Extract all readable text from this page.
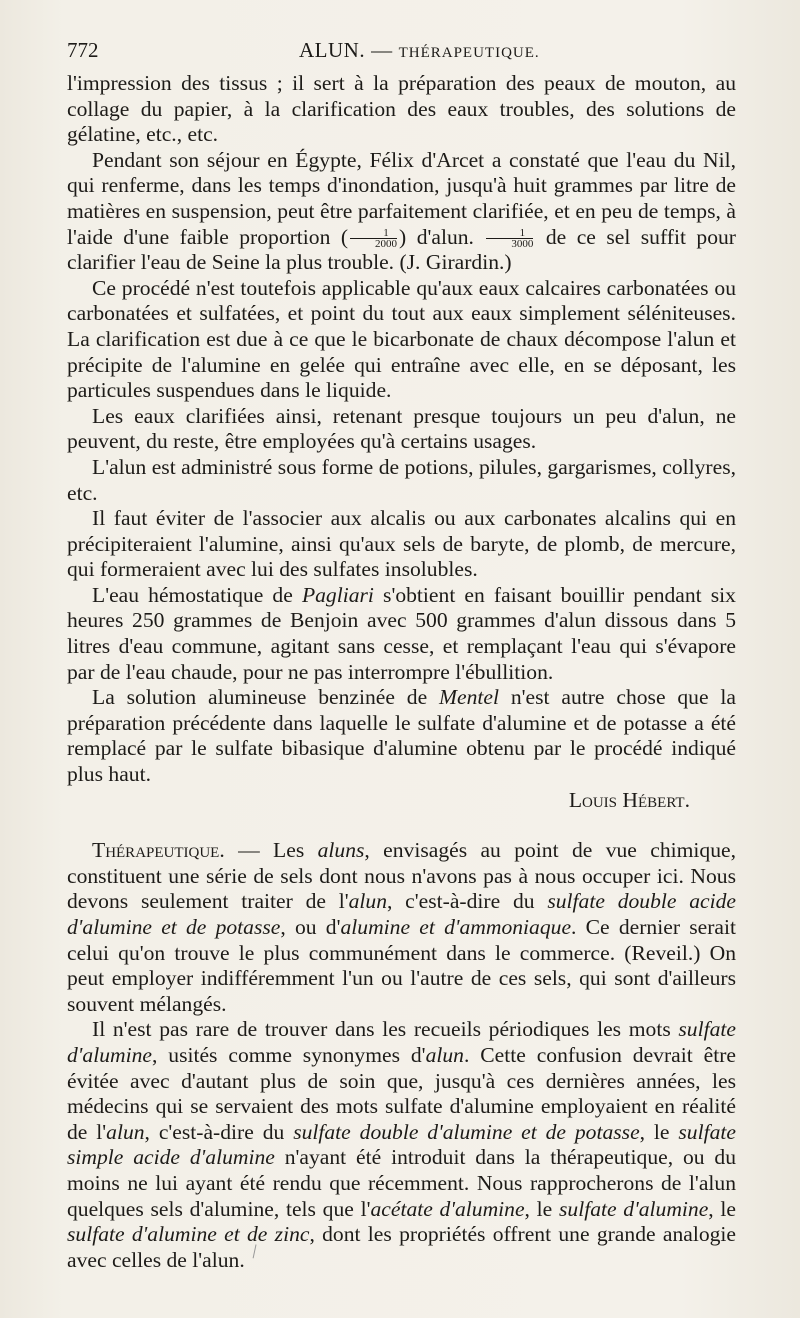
772	ALUN. — THÉRAPEUTIQUE.

l'impression des tissus ; il sert à la préparation des peaux de mouton, au collage du papier, à la clarification des eaux troubles, des solutions de gélatine, etc., etc.

Pendant son séjour en Égypte, Félix d'Arcet a constaté que l'eau du Nil, qui renferme, dans les temps d'inondation, jusqu'à huit grammes par litre de matières en suspension, peut être parfaitement clarifiée, et en peu de temps, à l'aide d'une faible proportion ( $\frac{1}{2000}$ ) d'alun. $\frac{1}{3000}$ de ce sel suffit pour clarifier l'eau de Seine la plus trouble. (J. Girardin.)

Ce procédé n'est toutefois applicable qu'aux eaux calcaires carbonatées ou carbonatées et sulfatées, et point du tout aux eaux simplement séléniteuses. La clarification est due à ce que le bicarbonate de chaux décompose l'alun et précipite de l'alumine en gelée qui entraîne avec elle, en se déposant, les particules suspendues dans le liquide.

Les eaux clarifiées ainsi, retenant presque toujours un peu d'alun, ne peuvent, du reste, être employées qu'à certains usages.

L'alun est administré sous forme de potions, pilules, gargarismes, collyres, etc.

Il faut éviter de l'associer aux alcalis ou aux carbonates alcalins qui en précipiteraient l'alumine, ainsi qu'aux sels de baryte, de plomb, de mercure, qui formeraient avec lui des sulfates insolubles.

L'eau hémostatique de Pagliari s'obtient en faisant bouillir pendant six heures 250 grammes de Benjoin avec 500 grammes d'alun dissous dans 5 litres d'eau commune, agitant sans cesse, et remplaçant l'eau qui s'évapore par de l'eau chaude, pour ne pas interrompre l'ébullition.

La solution alumineuse benzinée de Mentel n'est autre chose que la préparation précédente dans laquelle le sulfate d'alumine et de potasse a été remplacé par le sulfate bibasique d'alumine obtenu par le procédé indiqué plus haut.

Louis Hébert.

Thérapeutique. — Les aluns, envisagés au point de vue chimique, constituent une série de sels dont nous n'avons pas à nous occuper ici. Nous devons seulement traiter de l'alun, c'est-à-dire du sulfate double acide d'alumine et de potasse, ou d'alumine et d'ammoniaque. Ce dernier serait celui qu'on trouve le plus communément dans le commerce. (Reveil.) On peut employer indifféremment l'un ou l'autre de ces sels, qui sont d'ailleurs souvent mélangés.

Il n'est pas rare de trouver dans les recueils périodiques les mots sulfate d'alumine, usités comme synonymes d'alun. Cette confusion devrait être évitée avec d'autant plus de soin que, jusqu'à ces dernières années, les médecins qui se servaient des mots sulfate d'alumine employaient en réalité de l'alun, c'est-à-dire du sulfate double d'alumine et de potasse, le sulfate simple acide d'alumine n'ayant été introduit dans la thérapeutique, ou du moins ne lui ayant été rendu que récemment. Nous rapprocherons de l'alun quelques sels d'alumine, tels que l'acétate d'alumine, le sulfate d'alumine, le sulfate d'alumine et de zinc, dont les propriétés offrent une grande analogie avec celles de l'alun.
